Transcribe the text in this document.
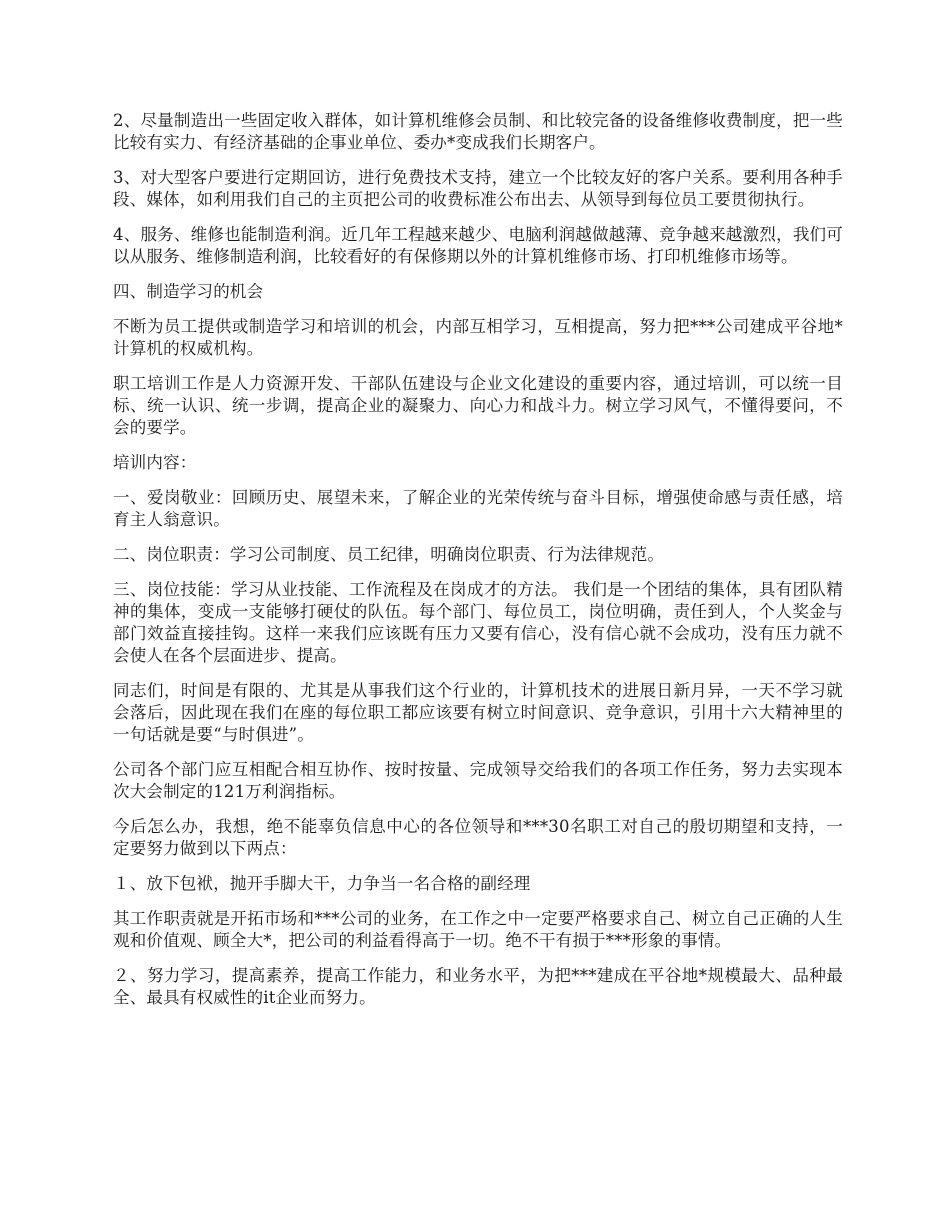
2、尽量制造出一些固定收入群体，如计算机维修会员制、和比较完备的设备维修收费制度，把一些比较有实力、有经济基础的企事业单位、委办*变成我们长期客户。

3、对大型客户要进行定期回访，进行免费技术支持，建立一个比较友好的客户关系。要利用各种手段、媒体，如利用我们自己的主页把公司的收费标准公布出去、从领导到每位员工要贯彻执行。

4、服务、维修也能制造利润。近几年工程越来越少、电脑利润越做越薄、竞争越来越激烈，我们可以从服务、维修制造利润，比较看好的有保修期以外的计算机维修市场、打印机维修市场等。

四、制造学习的机会

不断为员工提供或制造学习和培训的机会，内部互相学习，互相提高，努力把***公司建成平谷地*计算机的权威机构。

职工培训工作是人力资源开发、干部队伍建设与企业文化建设的重要内容，通过培训，可以统一目标、统一认识、统一步调，提高企业的凝聚力、向心力和战斗力。树立学习风气，不懂得要问，不会的要学。

培训内容：

一、爱岗敬业：回顾历史、展望未来，了解企业的光荣传统与奋斗目标，增强使命感与责任感，培育主人翁意识。

二、岗位职责：学习公司制度、员工纪律，明确岗位职责、行为法律规范。

三、岗位技能：学习从业技能、工作流程及在岗成才的方法。 我们是一个团结的集体，具有团队精神的集体，变成一支能够打硬仗的队伍。每个部门、每位员工，岗位明确，责任到人，个人奖金与部门效益直接挂钩。这样一来我们应该既有压力又要有信心，没有信心就不会成功，没有压力就不会使人在各个层面进步、提高。

同志们，时间是有限的、尤其是从事我们这个行业的，计算机技术的进展日新月异，一天不学习就会落后，因此现在我们在座的每位职工都应该要有树立时间意识、竞争意识，引用十六大精神里的一句话就是要“与时俱进”。

公司各个部门应互相配合相互协作、按时按量、完成领导交给我们的各项工作任务，努力去实现本次大会制定的121万利润指标。

今后怎么办，我想，绝不能辜负信息中心的各位领导和***30名职工对自己的殷切期望和支持，一定要努力做到以下两点：

１、放下包袱，抛开手脚大干，力争当一名合格的副经理

其工作职责就是开拓市场和***公司的业务，在工作之中一定要严格要求自己、树立自己正确的人生观和价值观、顾全大*，把公司的利益看得高于一切。绝不干有损于***形象的事情。

２、努力学习，提高素养，提高工作能力，和业务水平，为把***建成在平谷地*规模最大、品种最全、最具有权威性的it企业而努力。
